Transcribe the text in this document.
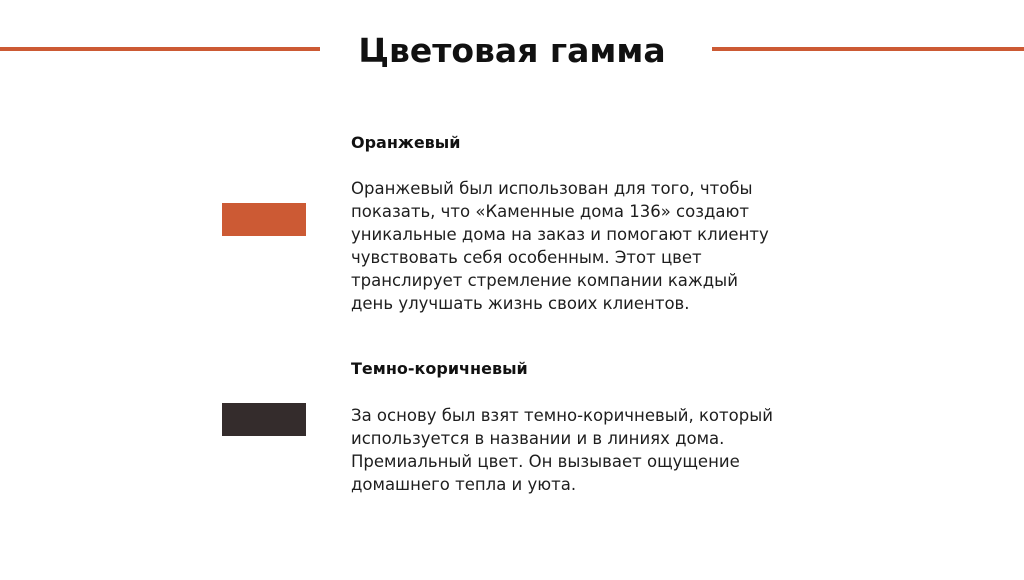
Цветовая гамма
Оранжевый

Оранжевый был использован для того, чтобы
показать, что «Каменные дома 136» создают
уникальные дома на заказ и помогают клиенту
чувствовать себя особенным. Этот цвет
транслирует стремление компании каждый
день улучшать жизнь своих клиентов.

Темно-коричневый

За основу был взят темно-коричневый, который
используется в названии и в линиях дома.
Премиальный цвет. Он вызывает ощущение
домашнего тепла и уюта.
